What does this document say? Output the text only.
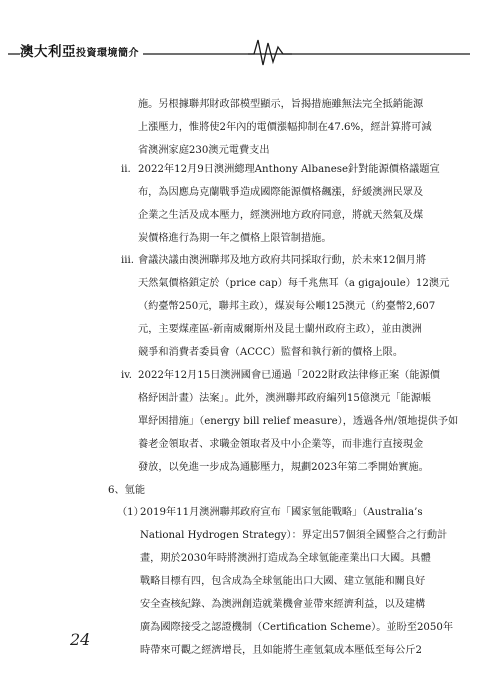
澳大利亞投資環境簡介
施。另根據聯邦財政部模型顯示，旨揭措施雖無法完全抵銷能源
上漲壓力，惟將使2年內的電價漲幅抑制在47.6%，經計算將可減
省澳洲家庭230澳元電費支出
ii. 2022年12月9日澳洲總理Anthony Albanese針對能源價格議題宣
布，為因應烏克蘭戰爭造成國際能源價格飆漲，紓緩澳洲民眾及
企業之生活及成本壓力，經澳洲地方政府同意，將就天然氣及煤
炭價格進行為期一年之價格上限管制措施。
iii. 會議決議由澳洲聯邦及地方政府共同採取行動，於未來12個月將
天然氣價格鎖定於（price cap）每千兆焦耳（a gigajoule）12澳元
（約臺幣250元，聯邦主政），煤炭每公噸125澳元（約臺幣2,607
元，主要煤產區-新南威爾斯州及昆士蘭州政府主政），並由澳洲
競爭和消費者委員會（ACCC）監督和執行新的價格上限。
iv. 2022年12月15日澳洲國會已通過「2022財政法律修正案（能源價
格紓困計畫）法案」。此外，澳洲聯邦政府編列15億澳元「能源帳
單紓困措施」（energy bill relief measure），透過各州/領地提供予如
養老金領取者、求職金領取者及中小企業等，而非進行直接現金
發放，以免進一步成為通膨壓力，規劃2023年第二季開始實施。
6、氫能
（1）
2019年11月澳洲聯邦政府宣布「國家氫能戰略」（Australia’s
National Hydrogen Strategy）：界定出57個須全國整合之行動計
畫，期於2030年時將澳洲打造成為全球氫能產業出口大國。具體
戰略目標有四，包含成為全球氫能出口大國、建立氫能和關良好
安全查核紀錄、為澳洲創造就業機會並帶來經濟利益，以及建構
廣為國際接受之認證機制（Certification Scheme）。並盼至2050年
時帶來可觀之經濟增長，且如能將生產氫氣成本壓低至每公斤2
24
